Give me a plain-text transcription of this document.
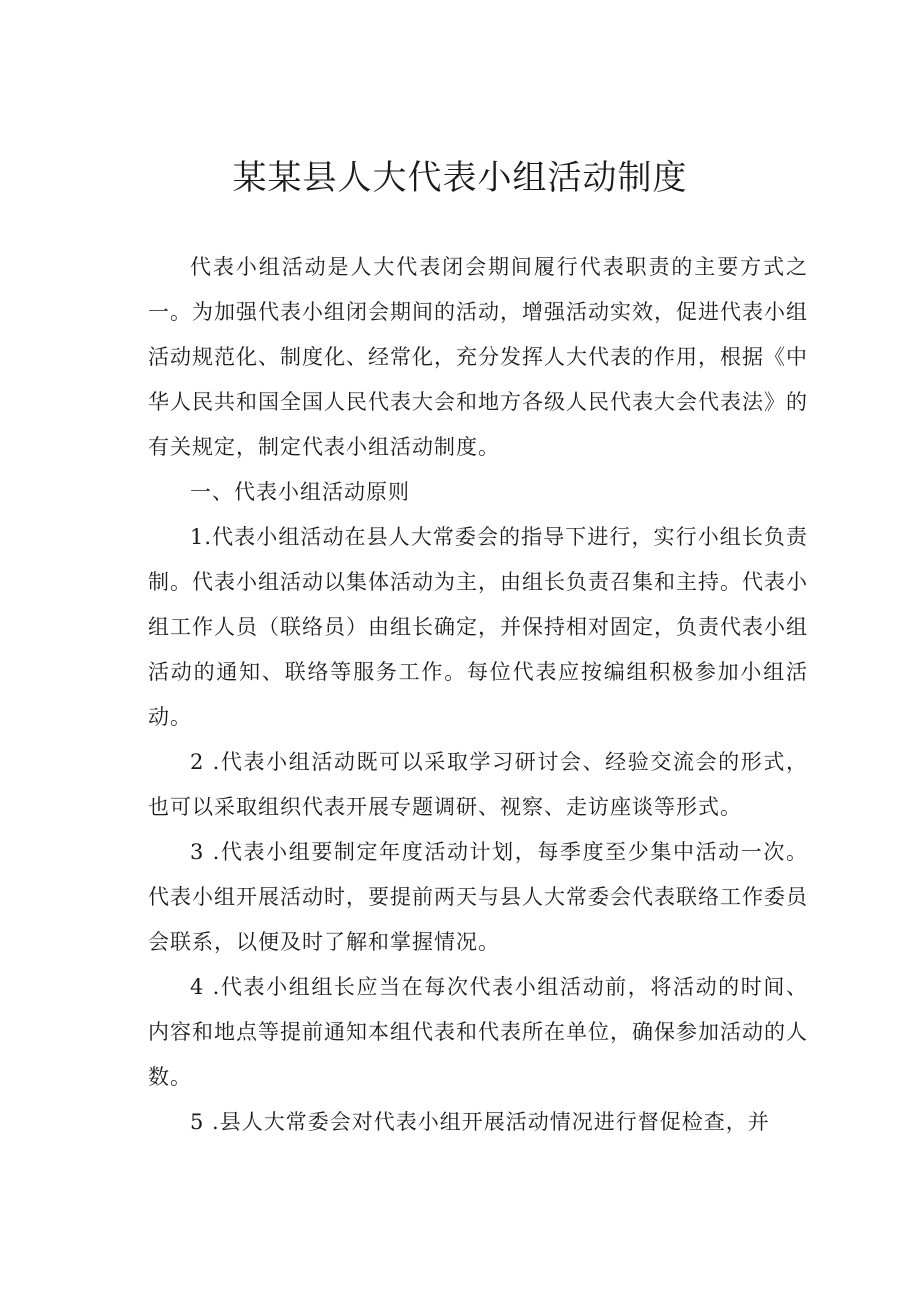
某某县人大代表小组活动制度

代表小组活动是人大代表闭会期间履行代表职责的主要方式之一。为加强代表小组闭会期间的活动，增强活动实效，促进代表小组活动规范化、制度化、经常化，充分发挥人大代表的作用，根据《中华人民共和国全国人民代表大会和地方各级人民代表大会代表法》的有关规定，制定代表小组活动制度。

一、代表小组活动原则

1.代表小组活动在县人大常委会的指导下进行，实行小组长负责制。代表小组活动以集体活动为主，由组长负责召集和主持。代表小组工作人员（联络员）由组长确定，并保持相对固定，负责代表小组活动的通知、联络等服务工作。每位代表应按编组积极参加小组活动。

2 .代表小组活动既可以采取学习研讨会、经验交流会的形式，也可以采取组织代表开展专题调研、视察、走访座谈等形式。

3 .代表小组要制定年度活动计划，每季度至少集中活动一次。代表小组开展活动时，要提前两天与县人大常委会代表联络工作委员会联系，以便及时了解和掌握情况。

4 .代表小组组长应当在每次代表小组活动前，将活动的时间、内容和地点等提前通知本组代表和代表所在单位，确保参加活动的人数。

5 .县人大常委会对代表小组开展活动情况进行督促检查，并
